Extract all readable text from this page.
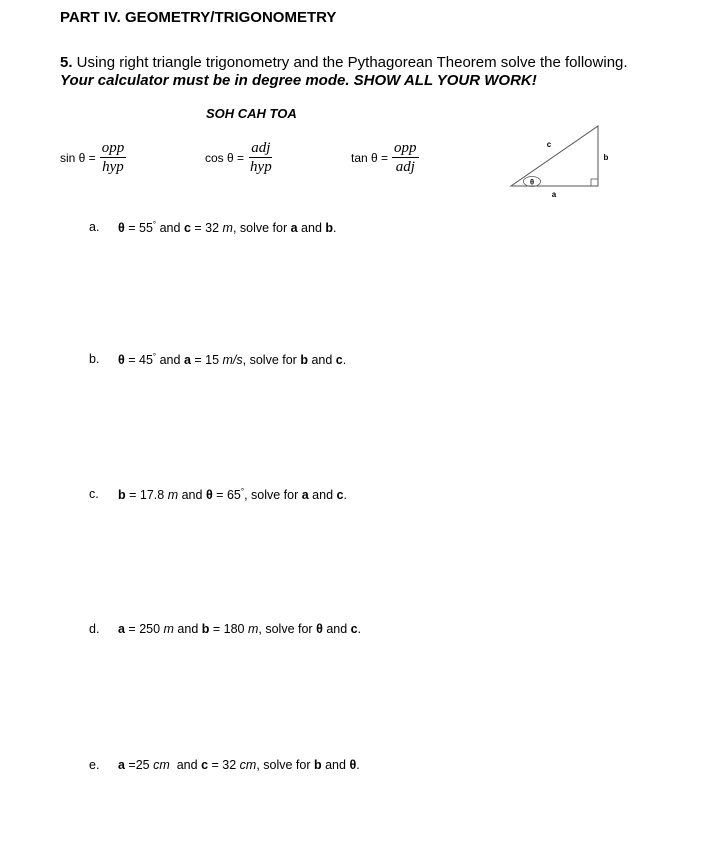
PART IV. GEOMETRY/TRIGONOMETRY
5. Using right triangle trigonometry and the Pythagorean Theorem solve the following.
Your calculator must be in degree mode. SHOW ALL YOUR WORK!
SOH CAH TOA
$\sin \theta = \frac{\text{opp}}{\text{hyp}}$	$\cos \theta = \frac{\text{adj}}{\text{hyp}}$	$\tan \theta = \frac{\text{opp}}{\text{adj}}$	c
b
a
θ
a. θ = 55° and c = 32 m, solve for a and b.
b. θ = 45° and a = 15 m/s, solve for b and c.
c. b = 17.8 m and θ = 65°, solve for a and c.
d. a = 250 m and b = 180 m, solve for θ and c.
e. a =25 cm  and c = 32 cm, solve for b and θ.
